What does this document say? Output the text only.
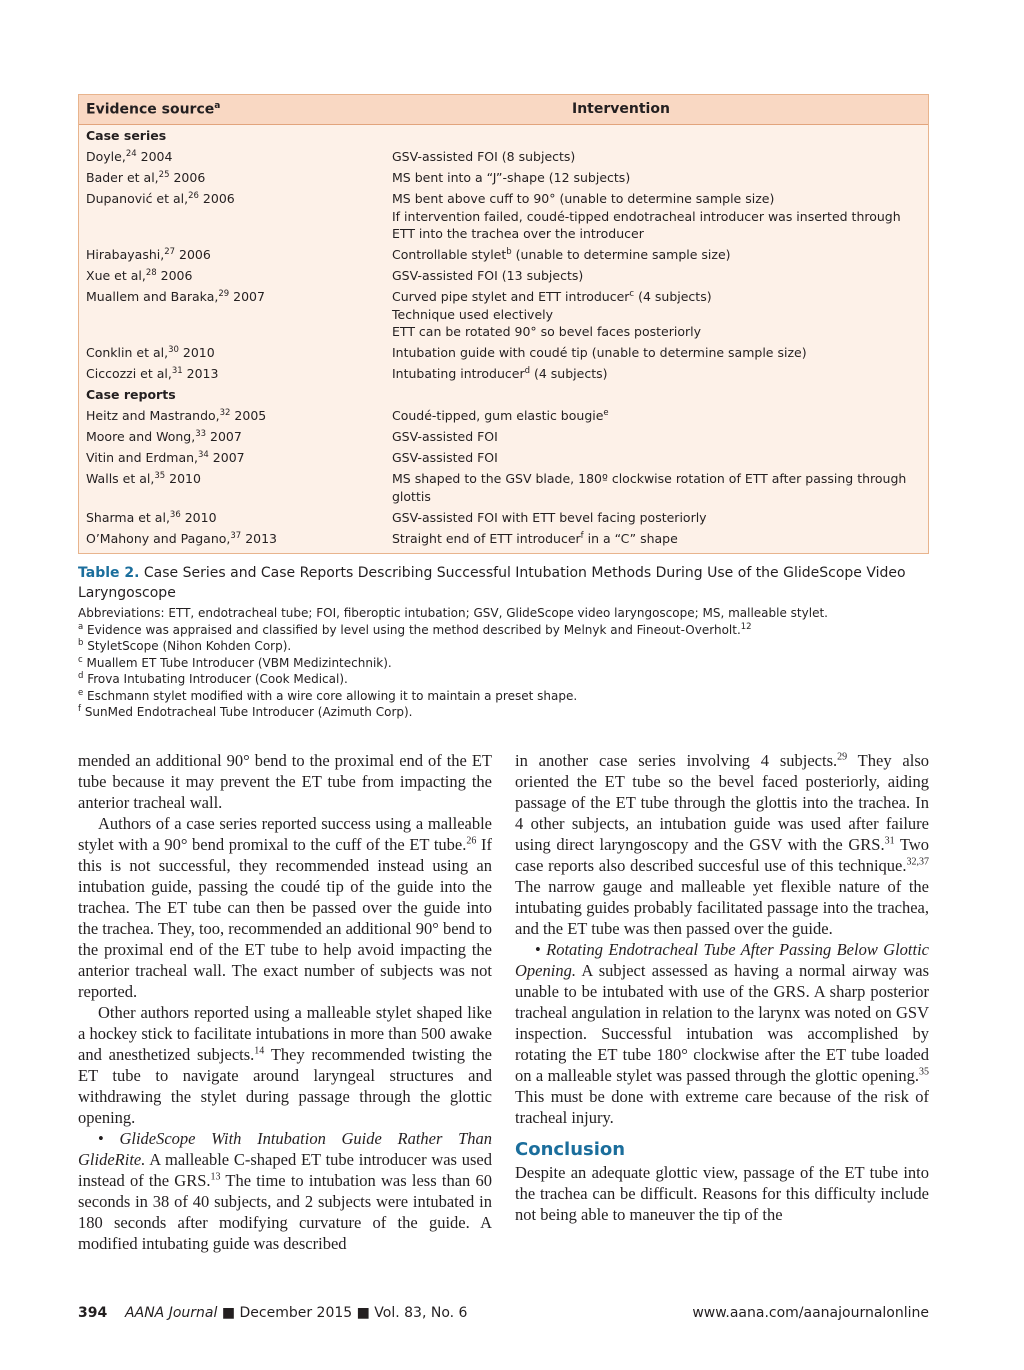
Evidence source$^a$	Intervention
Case series
Doyle,$^{24}$ 2004	GSV-assisted FOI (8 subjects)
Bader et al,$^{25}$ 2006	MS bent into a “J”-shape (12 subjects)
Dupanović et al,$^{26}$ 2006	MS bent above cuff to 90° (unable to determine sample size)
If intervention failed, coudé-tipped endotracheal introducer was inserted through
ETT into the trachea over the introducer
Hirabayashi,$^{27}$ 2006	Controllable stylet$^b$ (unable to determine sample size)
Xue et al,$^{28}$ 2006	GSV-assisted FOI (13 subjects)
Muallem and Baraka,$^{29}$ 2007	Curved pipe stylet and ETT introducer$^c$ (4 subjects)
Technique used electively
ETT can be rotated 90° so bevel faces posteriorly
Conklin et al,$^{30}$ 2010	Intubation guide with coudé tip (unable to determine sample size)
Ciccozzi et al,$^{31}$ 2013	Intubating introducer$^d$ (4 subjects)
Case reports
Heitz and Mastrando,$^{32}$ 2005	Coudé-tipped, gum elastic bougie$^e$
Moore and Wong,$^{33}$ 2007	GSV-assisted FOI
Vitin and Erdman,$^{34}$ 2007	GSV-assisted FOI
Walls et al,$^{35}$ 2010	MS shaped to the GSV blade, 180º clockwise rotation of ETT after passing through
glottis
Sharma et al,$^{36}$ 2010	GSV-assisted FOI with ETT bevel facing posteriorly
O’Mahony and Pagano,$^{37}$ 2013	Straight end of ETT introducer$^f$ in a “C” shape
Table 2. Case Series and Case Reports Describing Successful Intubation Methods During Use of the GlideScope Video Laryngoscope
Abbreviations: ETT, endotracheal tube; FOI, fiberoptic intubation; GSV, GlideScope video laryngoscope; MS, malleable stylet.
$^a$ Evidence was appraised and classified by level using the method described by Melnyk and Fineout-Overholt.$^{12}$
$^b$ StyletScope (Nihon Kohden Corp).
$^c$ Muallem ET Tube Introducer (VBM Medizintechnik).
$^d$ Frova Intubating Introducer (Cook Medical).
$^e$ Eschmann stylet modified with a wire core allowing it to maintain a preset shape.
$^f$ SunMed Endotracheal Tube Introducer (Azimuth Corp).

mended an additional 90° bend to the proximal end of the ET tube because it may prevent the ET tube from impacting the anterior tracheal wall.

Authors of a case series reported success using a malleable stylet with a 90° bend promixal to the cuff of the ET tube.$^{26}$ If this is not successful, they recommended instead using an intubation guide, passing the coudé tip of the guide into the trachea. The ET tube can then be passed over the guide into the trachea. They, too, recommended an additional 90° bend to the proximal end of the ET tube to help avoid impacting the anterior tracheal wall. The exact number of subjects was not reported.

Other authors reported using a malleable stylet shaped like a hockey stick to facilitate intubations in more than 500 awake and anesthetized subjects.$^{14}$ They recommended twisting the ET tube to navigate around laryngeal structures and withdrawing the stylet during passage through the glottic opening.

• GlideScope With Intubation Guide Rather Than GlideRite. A malleable C-shaped ET tube introducer was used instead of the GRS.$^{13}$ The time to intubation was less than 60 seconds in 38 of 40 subjects, and 2 subjects were intubated in 180 seconds after modifying curvature of the guide. A modified intubating guide was described

in another case series involving 4 subjects.$^{29}$ They also oriented the ET tube so the bevel faced posteriorly, aiding passage of the ET tube through the glottis into the trachea. In 4 other subjects, an intubation guide was used after failure using direct laryngoscopy and the GSV with the GRS.$^{31}$ Two case reports also described succesful use of this technique.$^{32,37}$ The narrow gauge and malleable yet flexible nature of the intubating guides probably facilitated passage into the trachea, and the ET tube was then passed over the guide.

• Rotating Endotracheal Tube After Passing Below Glottic Opening. A subject assessed as having a normal airway was unable to be intubated with use of the GRS. A sharp posterior tracheal angulation in relation to the larynx was noted on GSV inspection. Successful intubation was accomplished by rotating the ET tube 180° clockwise after the ET tube loaded on a malleable stylet was passed through the glottic opening.$^{35}$ This must be done with extreme care because of the risk of tracheal injury.

Conclusion

Despite an adequate glottic view, passage of the ET tube into the trachea can be difficult. Reasons for this difficulty include not being able to maneuver the tip of the

394 AANA Journal ■ December 2015 ■ Vol. 83, No. 6	www.aana.com/aanajournalonline
